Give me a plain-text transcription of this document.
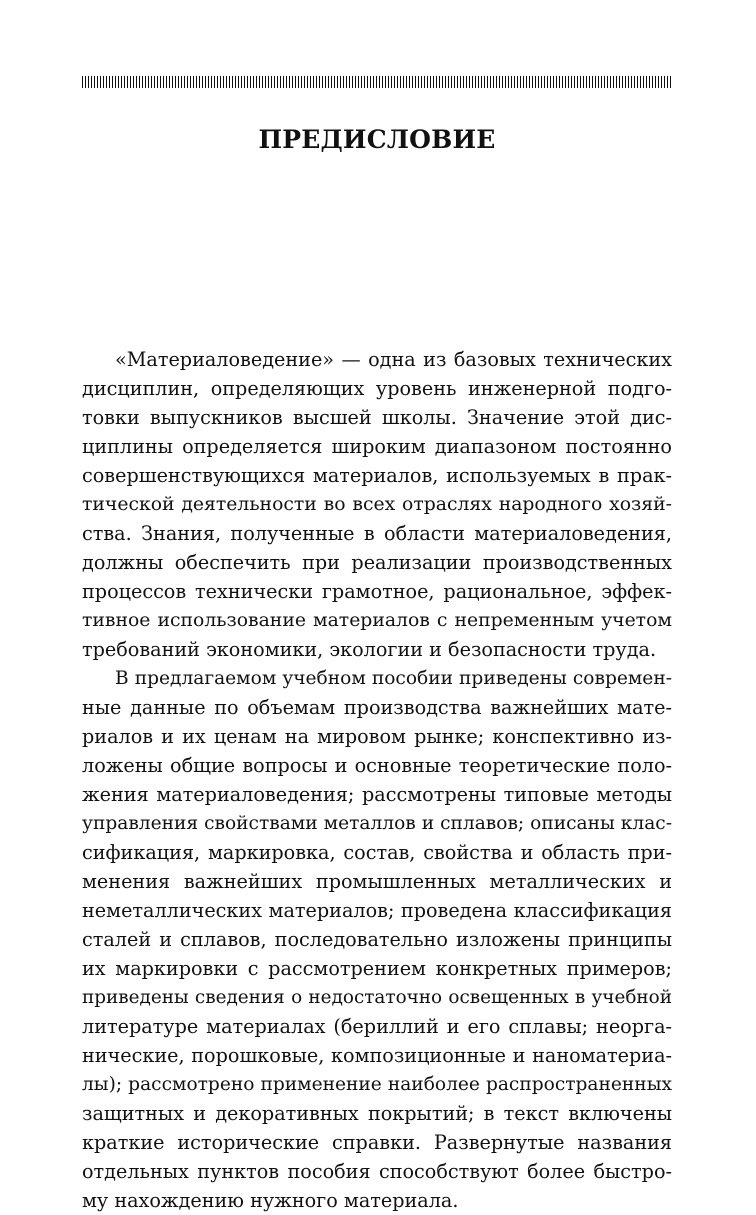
ПРЕДИСЛОВИЕ
«Материаловедение» — одна из базовых технических
дисциплин, определяющих уровень инженерной подго-
товки выпускников высшей школы. Значение этой дис-
циплины определяется широким диапазоном постоянно
совершенствующихся материалов, используемых в прак-
тической деятельности во всех отраслях народного хозяй-
ства. Знания, полученные в области материаловедения,
должны обеспечить при реализации производственных
процессов технически грамотное, рациональное, эффек-
тивное использование материалов с непременным учетом
требований экономики, экологии и безопасности труда.
В предлагаемом учебном пособии приведены современ-
ные данные по объемам производства важнейших мате-
риалов и их ценам на мировом рынке; конспективно из-
ложены общие вопросы и основные теоретические поло-
жения материаловедения; рассмотрены типовые методы
управления свойствами металлов и сплавов; описаны клас-
сификация, маркировка, состав, свойства и область при-
менения важнейших промышленных металлических и
неметаллических материалов; проведена классификация
сталей и сплавов, последовательно изложены принципы
их маркировки с рассмотрением конкретных примеров;
приведены сведения о недостаточно освещенных в учебной
литературе материалах (бериллий и его сплавы; неорга-
нические, порошковые, композиционные и наноматериа-
лы); рассмотрено применение наиболее распространенных
защитных и декоративных покрытий; в текст включены
краткие исторические справки. Развернутые названия
отдельных пунктов пособия способствуют более быстро-
му нахождению нужного материала.
